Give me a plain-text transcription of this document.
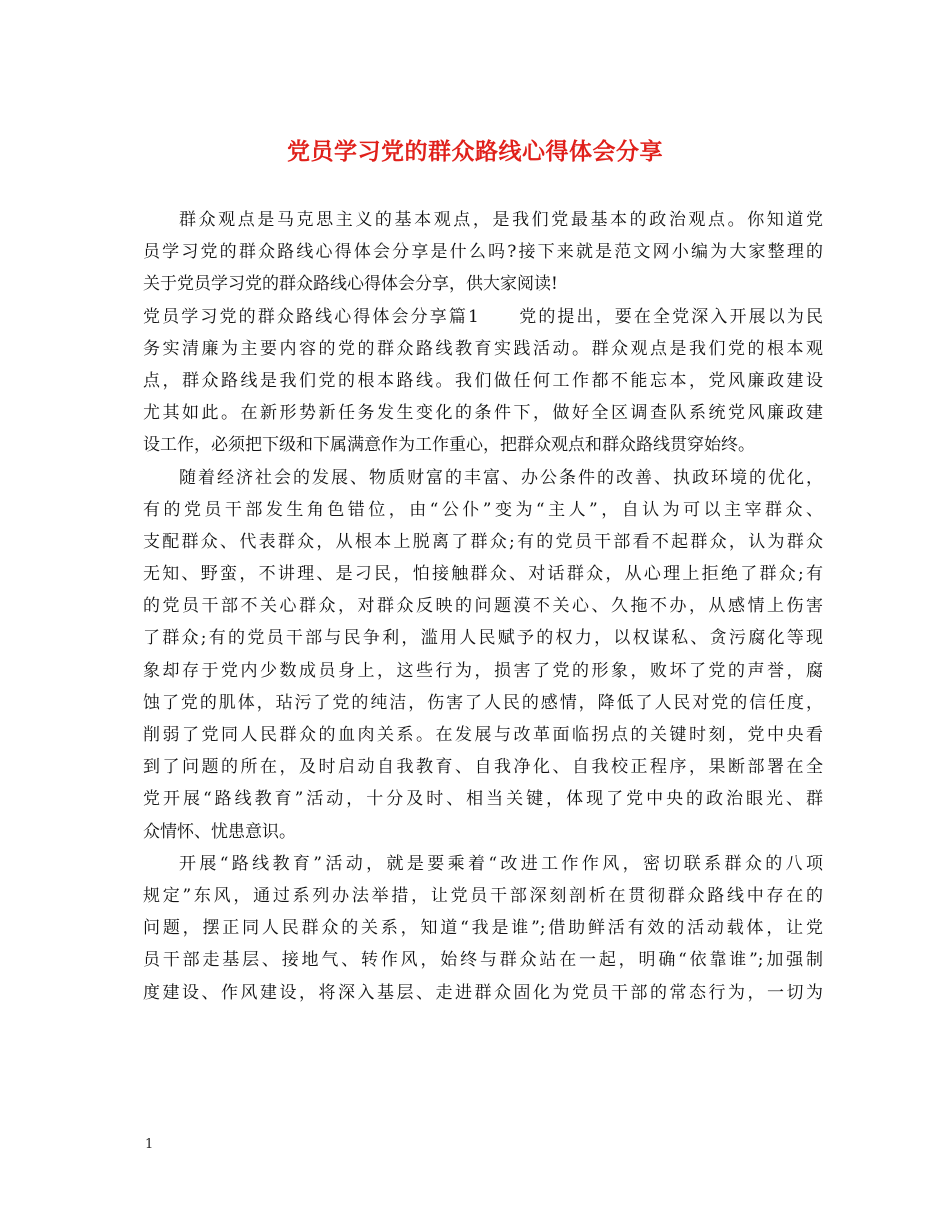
党员学习党的群众路线心得体会分享
群众观点是马克思主义的基本观点，是我们党最基本的政治观点。你知道党
员学习党的群众路线心得体会分享是什么吗?接下来就是范文网小编为大家整理的
关于党员学习党的群众路线心得体会分享，供大家阅读!
党员学习党的群众路线心得体会分享篇1　　党的提出，要在全党深入开展以为民
务实清廉为主要内容的党的群众路线教育实践活动。群众观点是我们党的根本观
点，群众路线是我们党的根本路线。我们做任何工作都不能忘本，党风廉政建设
尤其如此。在新形势新任务发生变化的条件下，做好全区调查队系统党风廉政建
设工作，必须把下级和下属满意作为工作重心，把群众观点和群众路线贯穿始终。
随着经济社会的发展、物质财富的丰富、办公条件的改善、执政环境的优化，
有的党员干部发生角色错位，由“公仆”变为“主人”，自认为可以主宰群众、
支配群众、代表群众，从根本上脱离了群众;有的党员干部看不起群众，认为群众
无知、野蛮，不讲理、是刁民，怕接触群众、对话群众，从心理上拒绝了群众;有
的党员干部不关心群众，对群众反映的问题漠不关心、久拖不办，从感情上伤害
了群众;有的党员干部与民争利，滥用人民赋予的权力，以权谋私、贪污腐化等现
象却存于党内少数成员身上，这些行为，损害了党的形象，败坏了党的声誉，腐
蚀了党的肌体，玷污了党的纯洁，伤害了人民的感情，降低了人民对党的信任度，
削弱了党同人民群众的血肉关系。在发展与改革面临拐点的关键时刻，党中央看
到了问题的所在，及时启动自我教育、自我净化、自我校正程序，果断部署在全
党开展“路线教育”活动，十分及时、相当关键，体现了党中央的政治眼光、群
众情怀、忧患意识。
开展“路线教育”活动，就是要乘着“改进工作作风，密切联系群众的八项
规定”东风，通过系列办法举措，让党员干部深刻剖析在贯彻群众路线中存在的
问题，摆正同人民群众的关系，知道“我是谁”;借助鲜活有效的活动载体，让党
员干部走基层、接地气、转作风，始终与群众站在一起，明确“依靠谁”;加强制
度建设、作风建设，将深入基层、走进群众固化为党员干部的常态行为，一切为
1
